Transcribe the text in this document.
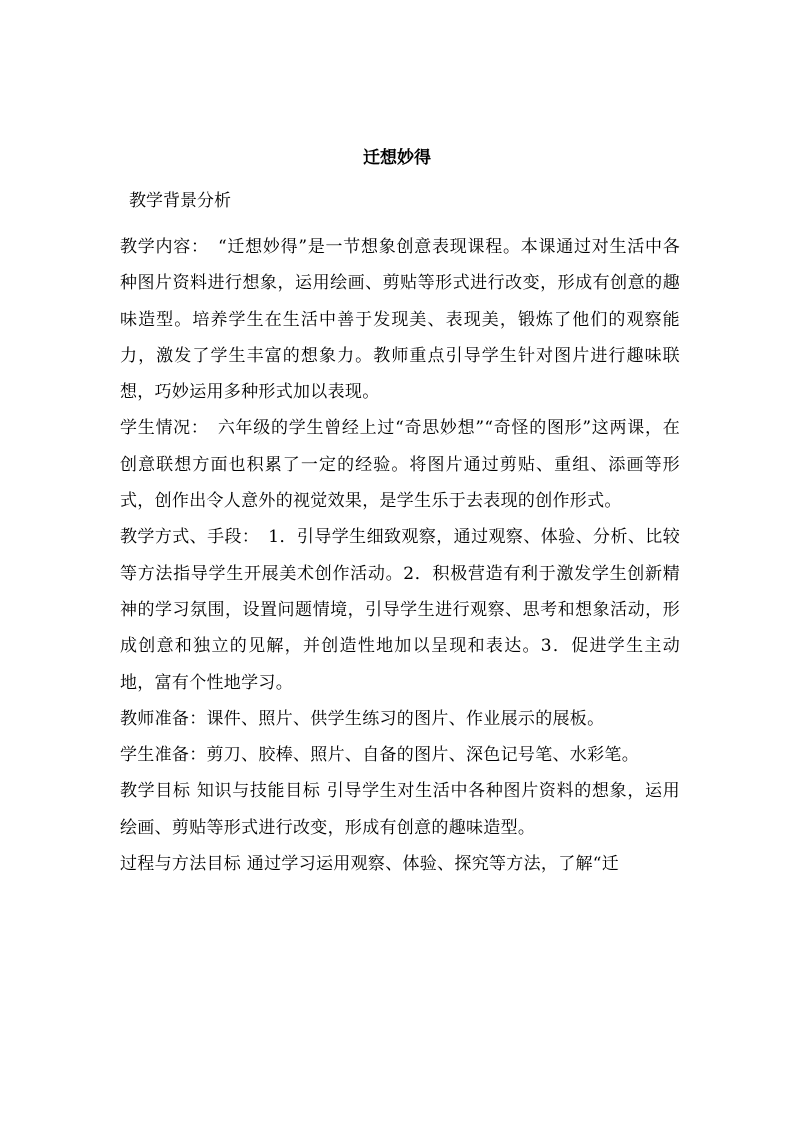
迁想妙得
教学背景分析

教学内容：　“迁想妙得”是一节想象创意表现课程。本课通过对生活中各种图片资料进行想象，运用绘画、剪贴等形式进行改变，形成有创意的趣味造型。培养学生在生活中善于发现美、表现美，锻炼了他们的观察能力，激发了学生丰富的想象力。教师重点引导学生针对图片进行趣味联想，巧妙运用多种形式加以表现。

学生情况：　六年级的学生曾经上过“奇思妙想”“奇怪的图形”这两课，在创意联想方面也积累了一定的经验。将图片通过剪贴、重组、添画等形式，创作出令人意外的视觉效果，是学生乐于去表现的创作形式。

教学方式、手段：　1．引导学生细致观察，通过观察、体验、分析、比较等方法指导学生开展美术创作活动。2．积极营造有利于激发学生创新精神的学习氛围，设置问题情境，引导学生进行观察、思考和想象活动，形成创意和独立的见解，并创造性地加以呈现和表达。3．促进学生主动地，富有个性地学习。

教师准备：课件、照片、供学生练习的图片、作业展示的展板。

学生准备：剪刀、胶棒、照片、自备的图片、深色记号笔、水彩笔。

教学目标 知识与技能目标 引导学生对生活中各种图片资料的想象，运用绘画、剪贴等形式进行改变，形成有创意的趣味造型。

过程与方法目标 通过学习运用观察、体验、探究等方法，了解“迁
